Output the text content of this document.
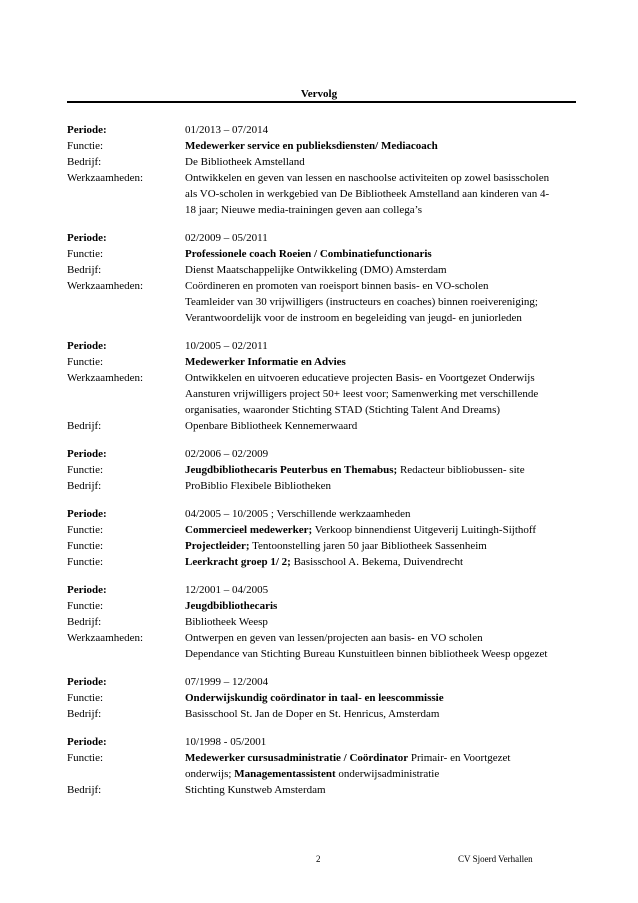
Vervolg
Periode:	01/2013 – 07/2014
Functie:	Medewerker service en publieksdiensten/ Mediacoach
Bedrijf:	De Bibliotheek Amstelland
Werkzaamheden:	Ontwikkelen en geven van lessen en naschoolse activiteiten op zowel basisscholen
als VO-scholen in werkgebied van De Bibliotheek Amstelland aan kinderen van 4-
18 jaar; Nieuwe media-trainingen geven aan collega’s
Periode:	02/2009 – 05/2011
Functie:	Professionele coach Roeien / Combinatiefunctionaris
Bedrijf:	Dienst Maatschappelijke Ontwikkeling (DMO) Amsterdam
Werkzaamheden:	Coördineren en promoten van roeisport binnen basis- en VO-scholen
Teamleider van 30 vrijwilligers (instructeurs en coaches) binnen roeivereniging;
Verantwoordelijk voor de instroom en begeleiding van jeugd- en juniorleden
Periode:	10/2005 – 02/2011
Functie:	Medewerker Informatie en Advies
Werkzaamheden:	Ontwikkelen en uitvoeren educatieve projecten Basis- en Voortgezet Onderwijs
Aansturen vrijwilligers project 50+ leest voor; Samenwerking met verschillende
organisaties, waaronder Stichting STAD (Stichting Talent And Dreams)
Bedrijf:	Openbare Bibliotheek Kennemerwaard
Periode:	02/2006 – 02/2009
Functie:	Jeugdbibliothecaris Peuterbus en Themabus; Redacteur bibliobussen- site
Bedrijf:	ProBiblio Flexibele Bibliotheken
Periode:	04/2005 – 10/2005 ; Verschillende werkzaamheden
Functie:	Commercieel medewerker; Verkoop binnendienst Uitgeverij Luitingh-Sijthoff
Functie:	Projectleider; Tentoonstelling jaren 50 jaar Bibliotheek Sassenheim
Functie:	Leerkracht groep 1/ 2; Basisschool A. Bekema, Duivendrecht
Periode:	12/2001 – 04/2005
Functie:	Jeugdbibliothecaris
Bedrijf:	Bibliotheek Weesp
Werkzaamheden:	Ontwerpen en geven van lessen/projecten aan basis- en VO scholen
Dependance van Stichting Bureau Kunstuitleen binnen bibliotheek Weesp opgezet
Periode:	07/1999 – 12/2004
Functie:	Onderwijskundig coördinator in taal- en leescommissie
Bedrijf:	Basisschool St. Jan de Doper en St. Henricus, Amsterdam
Periode:	10/1998 - 05/2001
Functie:	Medewerker cursusadministratie / Coördinator Primair- en Voortgezet
onderwijs; Managementassistent onderwijsadministratie
Bedrijf:	Stichting Kunstweb Amsterdam
2	CV Sjoerd Verhallen
